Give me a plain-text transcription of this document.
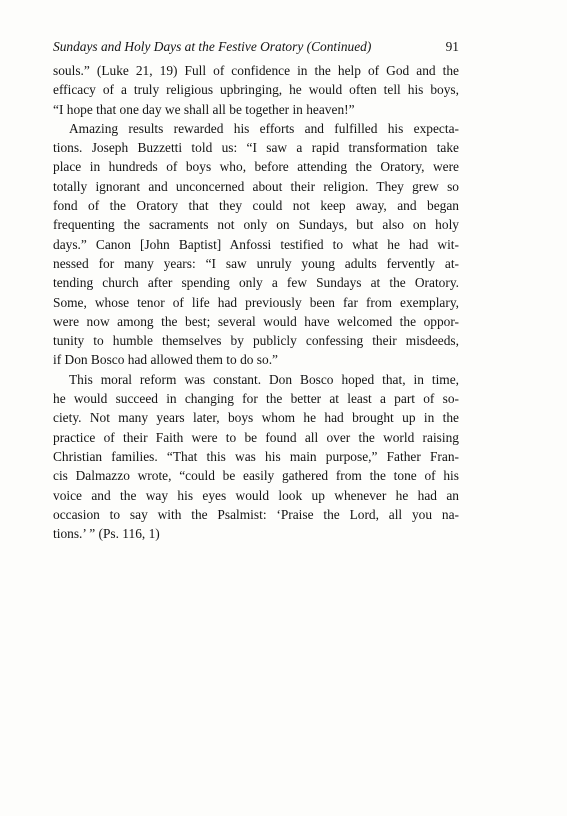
Sundays and Holy Days at the Festive Oratory (Continued)	91
souls.” (Luke 21, 19) Full of confidence in the help of God and the
efficacy of a truly religious upbringing, he would often tell his boys,
“I hope that one day we shall all be together in heaven!”
Amazing results rewarded his efforts and fulfilled his expecta-
tions. Joseph Buzzetti told us: “I saw a rapid transformation take
place in hundreds of boys who, before attending the Oratory, were
totally ignorant and unconcerned about their religion. They grew so
fond of the Oratory that they could not keep away, and began
frequenting the sacraments not only on Sundays, but also on holy
days.” Canon [John Baptist] Anfossi testified to what he had wit-
nessed for many years: “I saw unruly young adults fervently at-
tending church after spending only a few Sundays at the Oratory.
Some, whose tenor of life had previously been far from exemplary,
were now among the best; several would have welcomed the oppor-
tunity to humble themselves by publicly confessing their misdeeds,
if Don Bosco had allowed them to do so.”
This moral reform was constant. Don Bosco hoped that, in time,
he would succeed in changing for the better at least a part of so-
ciety. Not many years later, boys whom he had brought up in the
practice of their Faith were to be found all over the world raising
Christian families. “That this was his main purpose,” Father Fran-
cis Dalmazzo wrote, “could be easily gathered from the tone of his
voice and the way his eyes would look up whenever he had an
occasion to say with the Psalmist: ‘Praise the Lord, all you na-
tions.’ ” (Ps. 116, 1)
